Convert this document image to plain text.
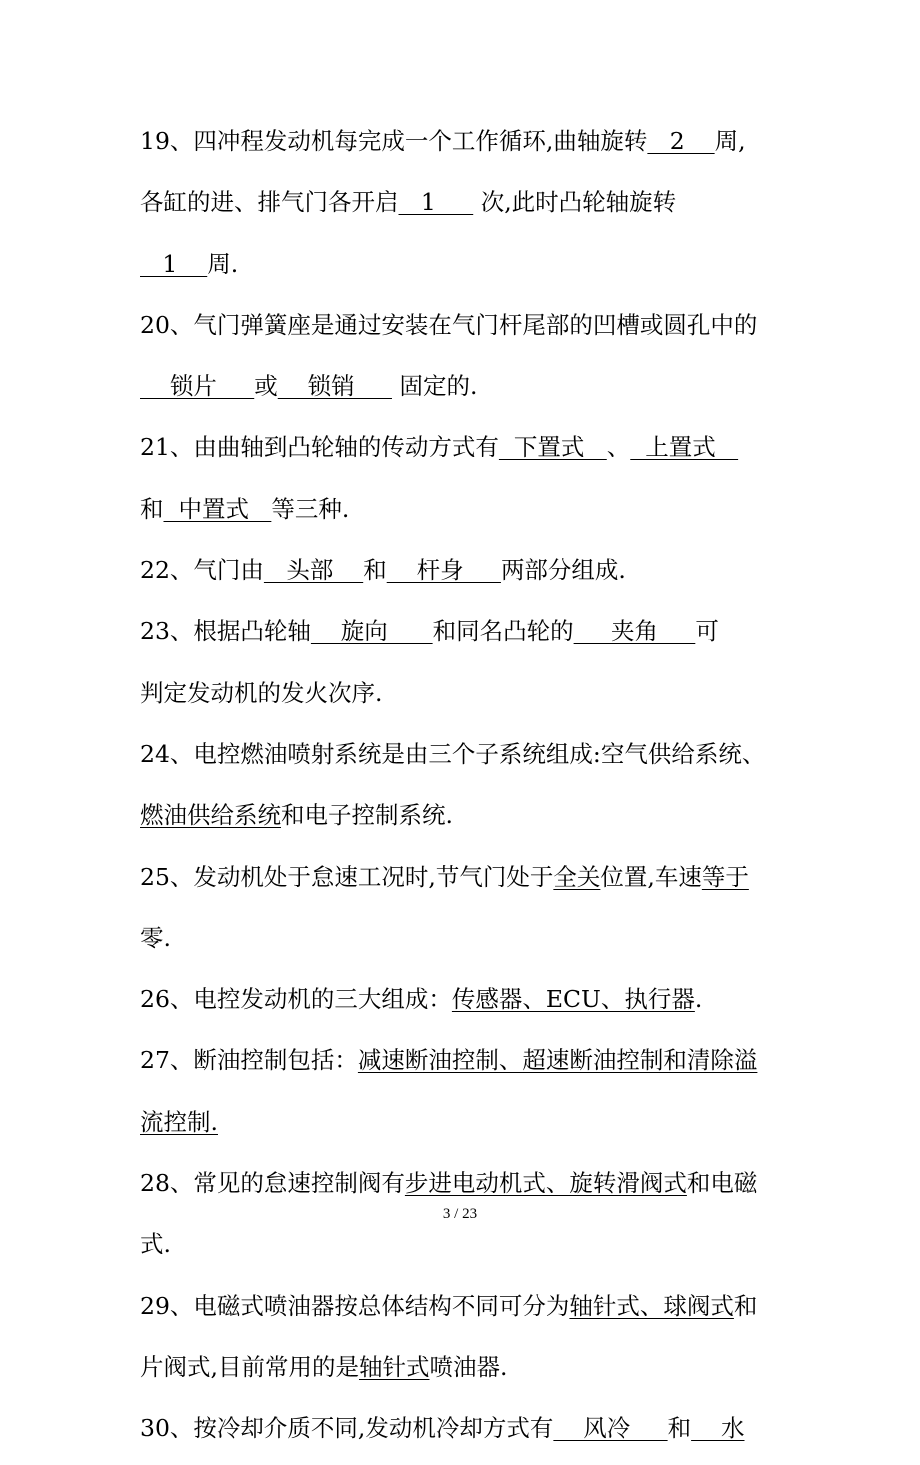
19、四冲程发动机每完成一个工作循环,曲轴旋转   2    周,
各缸的进、排气门各开启   1      次,此时凸轮轴旋转
1    周.
20、气门弹簧座是通过安装在气门杆尾部的凹槽或圆孔中的
锁片     或    锁销      固定的.
21、由曲轴到凸轮轴的传动方式有  下置式   、  上置式
和  中置式   等三种.
22、气门由   头部    和    杆身     两部分组成.
23、根据凸轮轴    旋向      和同名凸轮的     夹角     可
判定发动机的发火次序.
24、电控燃油喷射系统是由三个子系统组成:空气供给系统、
燃油供给系统和电子控制系统.
25、发动机处于怠速工况时,节气门处于全关位置,车速等于
零.
26、电控发动机的三大组成：传感器、ECU、执行器.
27、断油控制包括：减速断油控制、超速断油控制和清除溢
流控制.
28、常见的怠速控制阀有步进电动机式、旋转滑阀式和电磁
式.
29、电磁式喷油器按总体结构不同可分为轴针式、球阀式和
片阀式,目前常用的是轴针式喷油器.
30、按冷却介质不同,发动机冷却方式有    风冷     和    水
3 / 23
